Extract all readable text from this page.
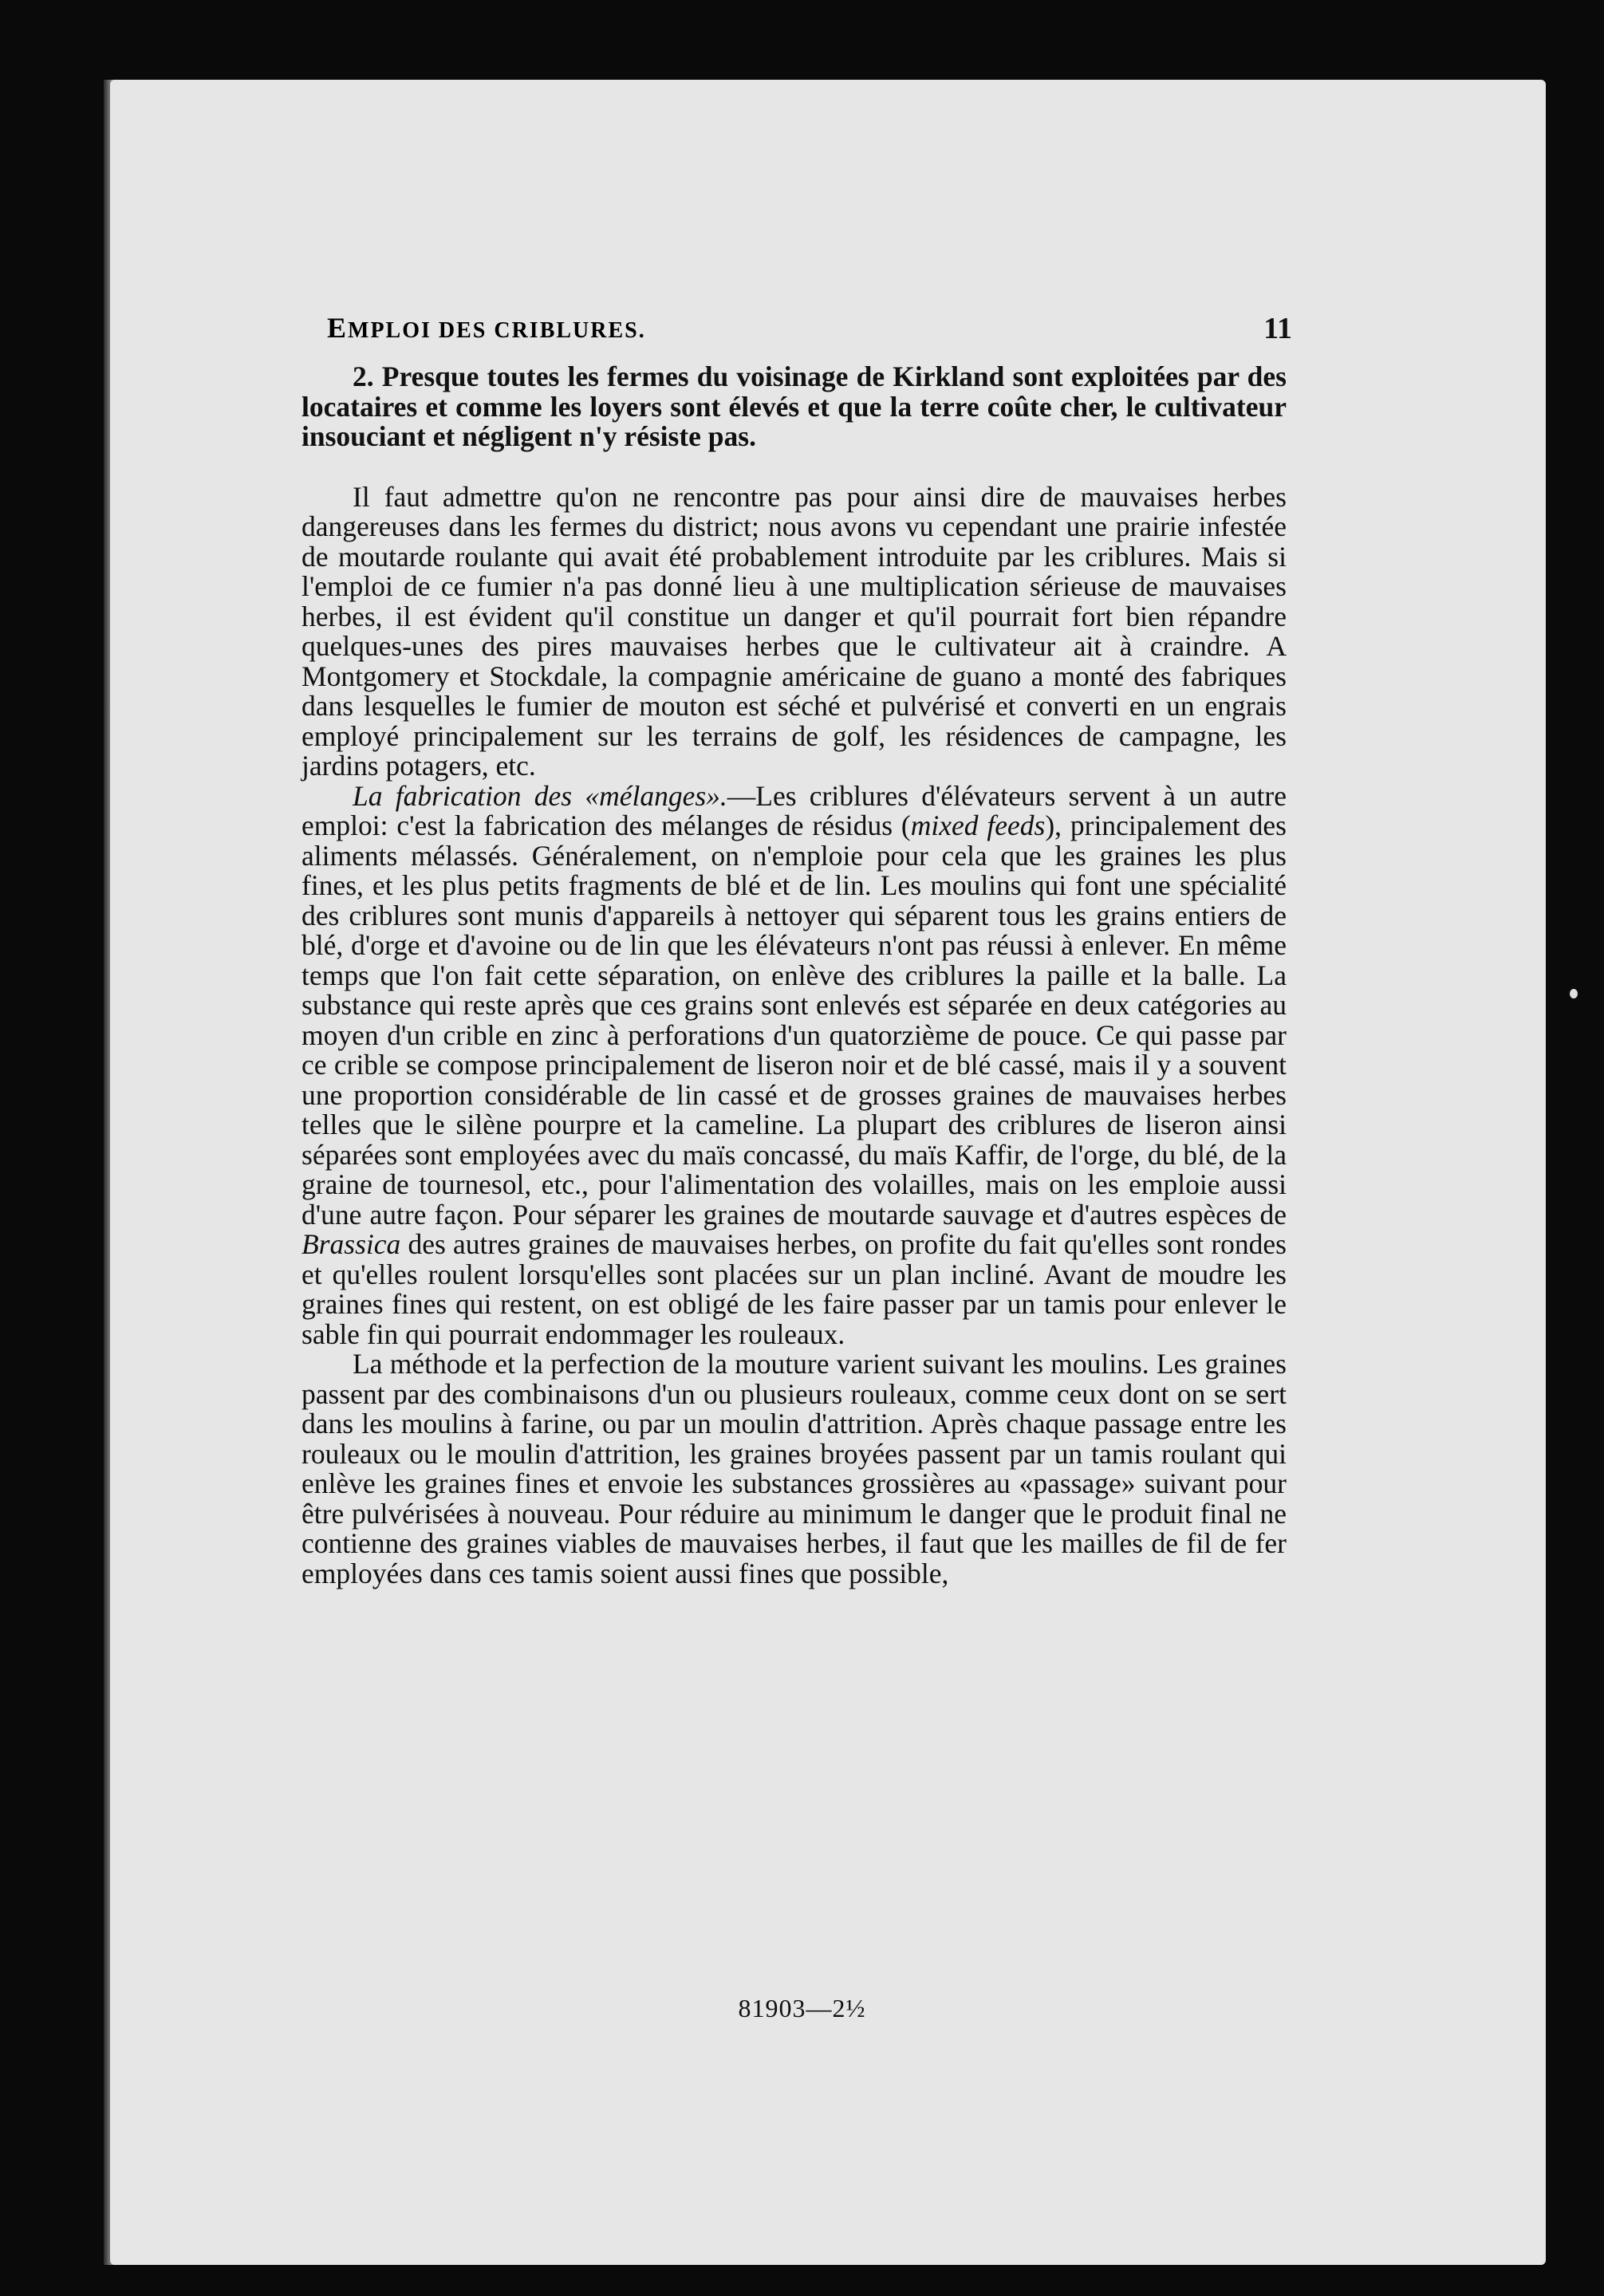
11
EMPLOI DES CRIBLURES.

2. Presque toutes les fermes du voisinage de Kirkland sont exploitées par des locataires et comme les loyers sont élevés et que la terre coûte cher, le cultivateur insouciant et négligent n'y résiste pas.

Il faut admettre qu'on ne rencontre pas pour ainsi dire de mauvaises herbes dangereuses dans les fermes du district; nous avons vu cependant une prairie infestée de moutarde roulante qui avait été probablement introduite par les criblures. Mais si l'emploi de ce fumier n'a pas donné lieu à une multiplication sérieuse de mauvaises herbes, il est évident qu'il constitue un danger et qu'il pourrait fort bien répandre quelques-unes des pires mauvaises herbes que le cultivateur ait à craindre. A Montgomery et Stockdale, la compagnie américaine de guano a monté des fabriques dans lesquelles le fumier de mouton est séché et pulvérisé et converti en un engrais employé principalement sur les terrains de golf, les résidences de campagne, les jardins potagers, etc.

La fabrication des «mélanges».—Les criblures d'élévateurs servent à un autre emploi: c'est la fabrication des mélanges de résidus (mixed feeds), principalement des aliments mélassés. Généralement, on n'emploie pour cela que les graines les plus fines, et les plus petits fragments de blé et de lin. Les moulins qui font une spécialité des criblures sont munis d'appareils à nettoyer qui séparent tous les grains entiers de blé, d'orge et d'avoine ou de lin que les élévateurs n'ont pas réussi à enlever. En même temps que l'on fait cette séparation, on enlève des criblures la paille et la balle. La substance qui reste après que ces grains sont enlevés est séparée en deux catégories au moyen d'un crible en zinc à perforations d'un quatorzième de pouce. Ce qui passe par ce crible se compose principalement de liseron noir et de blé cassé, mais il y a souvent une proportion considérable de lin cassé et de grosses graines de mauvaises herbes telles que le silène pourpre et la cameline. La plupart des criblures de liseron ainsi séparées sont employées avec du maïs concassé, du maïs Kaffir, de l'orge, du blé, de la graine de tournesol, etc., pour l'alimentation des volailles, mais on les emploie aussi d'une autre façon. Pour séparer les graines de moutarde sauvage et d'autres espèces de Brassica des autres graines de mauvaises herbes, on profite du fait qu'elles sont rondes et qu'elles roulent lorsqu'elles sont placées sur un plan incliné. Avant de moudre les graines fines qui restent, on est obligé de les faire passer par un tamis pour enlever le sable fin qui pourrait endommager les rouleaux.

La méthode et la perfection de la mouture varient suivant les moulins. Les graines passent par des combinaisons d'un ou plusieurs rouleaux, comme ceux dont on se sert dans les moulins à farine, ou par un moulin d'attrition. Après chaque passage entre les rouleaux ou le moulin d'attrition, les graines broyées passent par un tamis roulant qui enlève les graines fines et envoie les substances grossières au «passage» suivant pour être pulvérisées à nouveau. Pour réduire au minimum le danger que le produit final ne contienne des graines viables de mauvaises herbes, il faut que les mailles de fil de fer employées dans ces tamis soient aussi fines que possible,

81903—2½
